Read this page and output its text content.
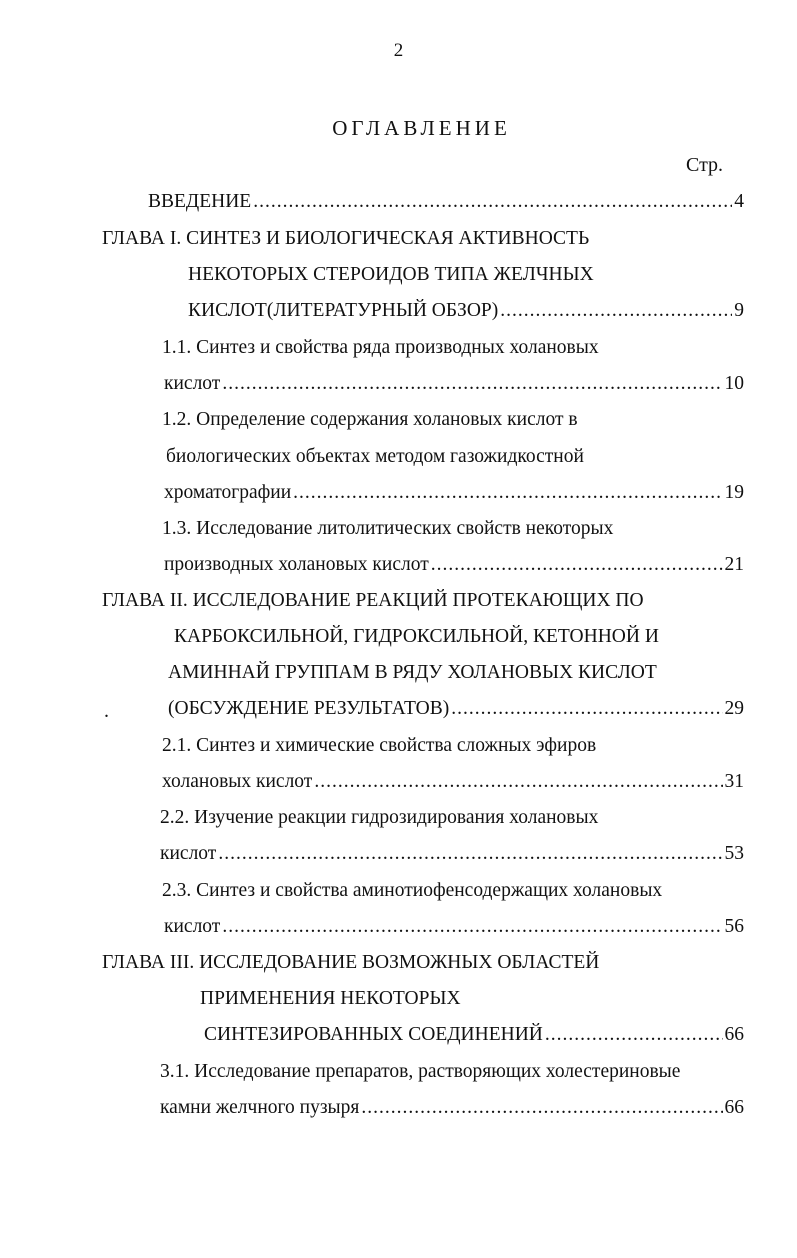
2
ОГЛАВЛЕНИЕ
Стр.
.
ВВЕДЕНИЕ .....	4
ГЛАВА I. СИНТЕЗ И БИОЛОГИЧЕСКАЯ АКТИВНОСТЬ
НЕКОТОРЫХ СТЕРОИДОВ ТИПА ЖЕЛЧНЫХ
КИСЛОТ(ЛИТЕРАТУРНЫЙ ОБЗОР) .....	9
1.1. Синтез и свойства ряда производных холановых
кислот .....	10
1.2. Определение содержания холановых кислот в
биологических объектах методом газожидкостной
хроматографии .....	19
1.3. Исследование литолитических свойств некоторых
производных холановых кислот .....	21
ГЛАВА II. ИССЛЕДОВАНИЕ РЕАКЦИЙ ПРОТЕКАЮЩИХ ПО
КАРБОКСИЛЬНОЙ, ГИДРОКСИЛЬНОЙ, КЕТОННОЙ И
АМИННАЙ ГРУППАМ В РЯДУ ХОЛАНОВЫХ КИСЛОТ
(ОБСУЖДЕНИЕ РЕЗУЛЬТАТОВ) .....	29
2.1. Синтез и химические свойства сложных эфиров
холановых кислот .....	31
2.2. Изучение реакции гидрозидирования холановых
кислот .....	53
2.3. Синтез и свойства аминотиофенсодержащих холановых
кислот .....	56
ГЛАВА III. ИССЛЕДОВАНИЕ ВОЗМОЖНЫХ ОБЛАСТЕЙ
ПРИМЕНЕНИЯ НЕКОТОРЫХ
СИНТЕЗИРОВАННЫХ СОЕДИНЕНИЙ .....	66
3.1. Исследование препаратов, растворяющих холестериновые
камни желчного пузыря .....	66
